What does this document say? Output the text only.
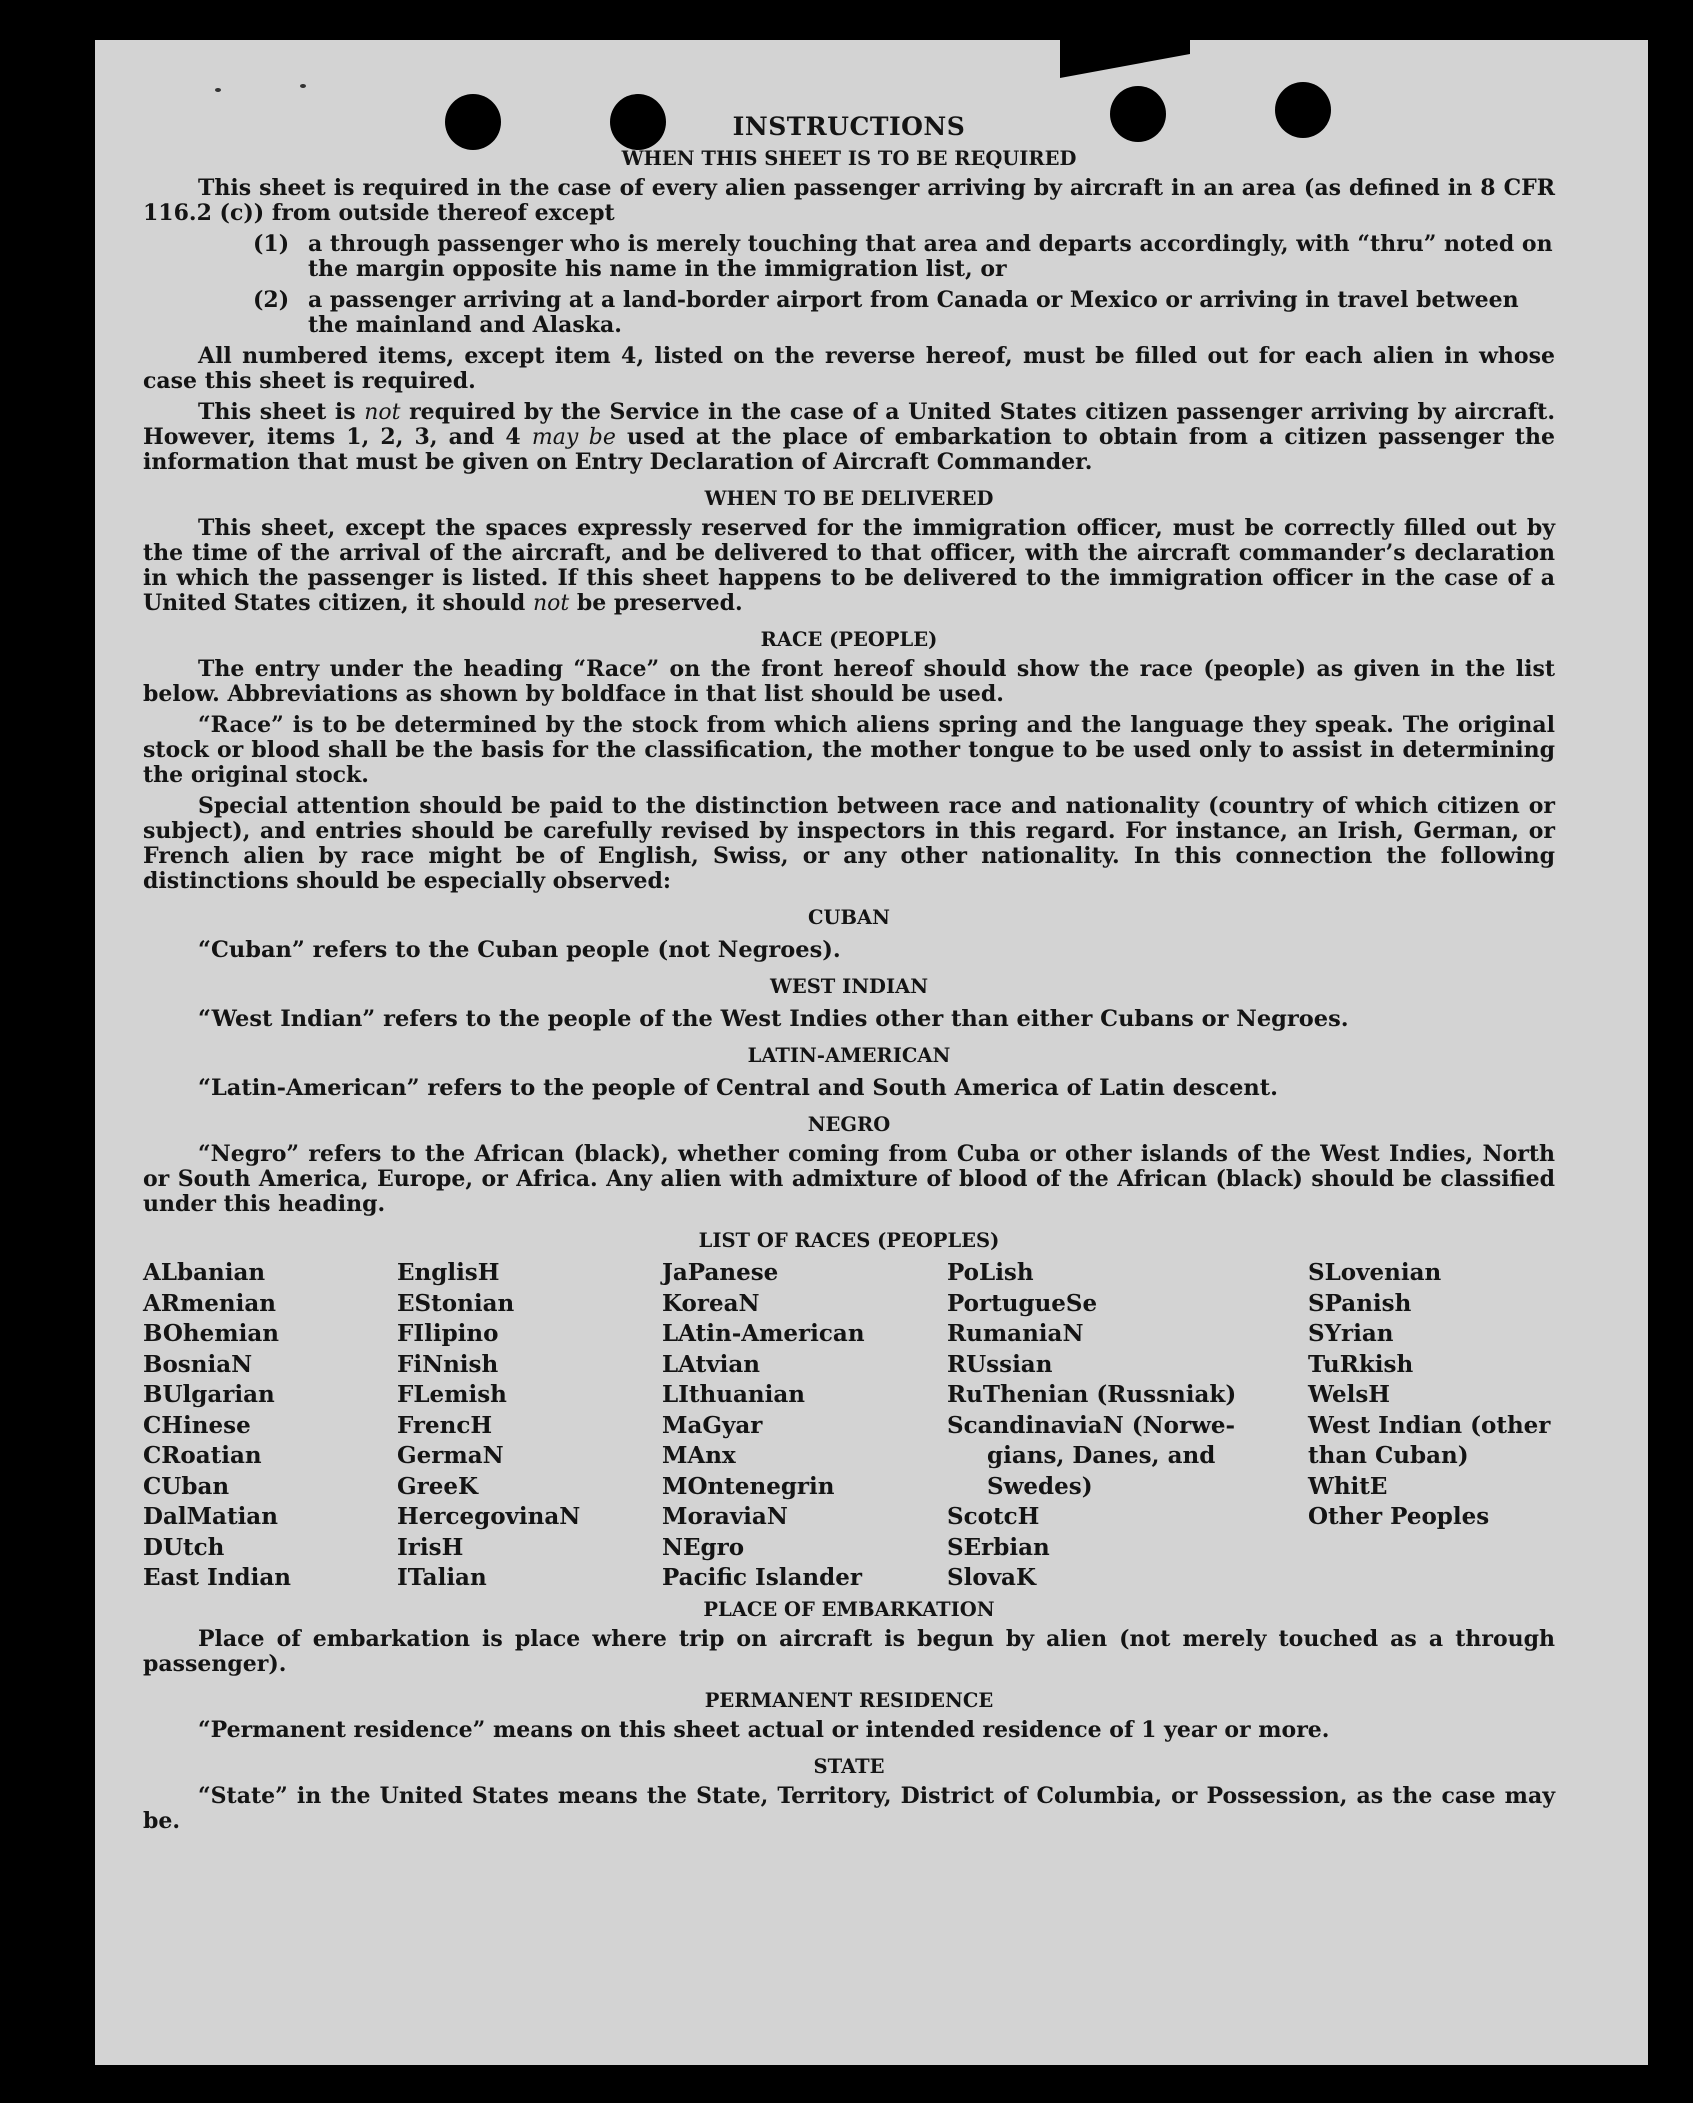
INSTRUCTIONS
WHEN THIS SHEET IS TO BE REQUIRED

This sheet is required in the case of every alien passenger arriving by aircraft in an area (as defined in 8 CFR 116.2 (c)) from outside thereof except

(1) a through passenger who is merely touching that area and departs accordingly, with “thru” noted on the margin opposite his name in the immigration list, or
(2) a passenger arriving at a land-border airport from Canada or Mexico or arriving in travel between the mainland and Alaska.

All numbered items, except item 4, listed on the reverse hereof, must be filled out for each alien in whose case this sheet is required.

This sheet is not required by the Service in the case of a United States citizen passenger arriving by aircraft. However, items 1, 2, 3, and 4 may be used at the place of embarkation to obtain from a citizen passenger the information that must be given on Entry Declaration of Aircraft Commander.

WHEN TO BE DELIVERED

This sheet, except the spaces expressly reserved for the immigration officer, must be correctly filled out by the time of the arrival of the aircraft, and be delivered to that officer, with the aircraft commander’s declaration in which the passenger is listed. If this sheet happens to be delivered to the immigration officer in the case of a United States citizen, it should not be preserved.

RACE (PEOPLE)

The entry under the heading “Race” on the front hereof should show the race (people) as given in the list below. Abbreviations as shown by boldface in that list should be used.

“Race” is to be determined by the stock from which aliens spring and the language they speak. The original stock or blood shall be the basis for the classification, the mother tongue to be used only to assist in determining the original stock.

Special attention should be paid to the distinction between race and nationality (country of which citizen or subject), and entries should be carefully revised by inspectors in this regard. For instance, an Irish, German, or French alien by race might be of English, Swiss, or any other nationality. In this connection the following distinctions should be especially observed:

CUBAN
“Cuban” refers to the Cuban people (not Negroes).
WEST INDIAN
“West Indian” refers to the people of the West Indies other than either Cubans or Negroes.
LATIN-AMERICAN
“Latin-American” refers to the people of Central and South America of Latin descent.
NEGRO

“Negro” refers to the African (black), whether coming from Cuba or other islands of the West Indies, North or South America, Europe, or Africa. Any alien with admixture of blood of the African (black) should be classified under this heading.

LIST OF RACES (PEOPLES)
ALbanian
ARmenian
BOhemian
BosniaN
BUlgarian
CHinese
CRoatian
CUban
DalMatian
DUtch
East Indian
EnglisH
EStonian
FIlipino
FiNnish
FLemish
FrencH
GermaN
GreeK
HercegovinaN
IrisH
ITalian
JaPanese
KoreaN
LAtin-American
LAtvian
LIthuanian
MaGyar
MAnx
MOntenegrin
MoraviaN
NEgro
Pacific Islander
PoLish
PortugueSe
RumaniaN
RUssian
RuThenian (Russniak)
ScandinaviaN (Norwe-
gians, Danes, and
Swedes)
ScotcH
SErbian
SlovaK
SLovenian
SPanish
SYrian
TuRkish
WelsH
West Indian (other
than Cuban)
WhitE
Other Peoples
PLACE OF EMBARKATION

Place of embarkation is place where trip on aircraft is begun by alien (not merely touched as a through passenger).

PERMANENT RESIDENCE

“Permanent residence” means on this sheet actual or intended residence of 1 year or more.

STATE

“State” in the United States means the State, Territory, District of Columbia, or Possession, as the case may be.
